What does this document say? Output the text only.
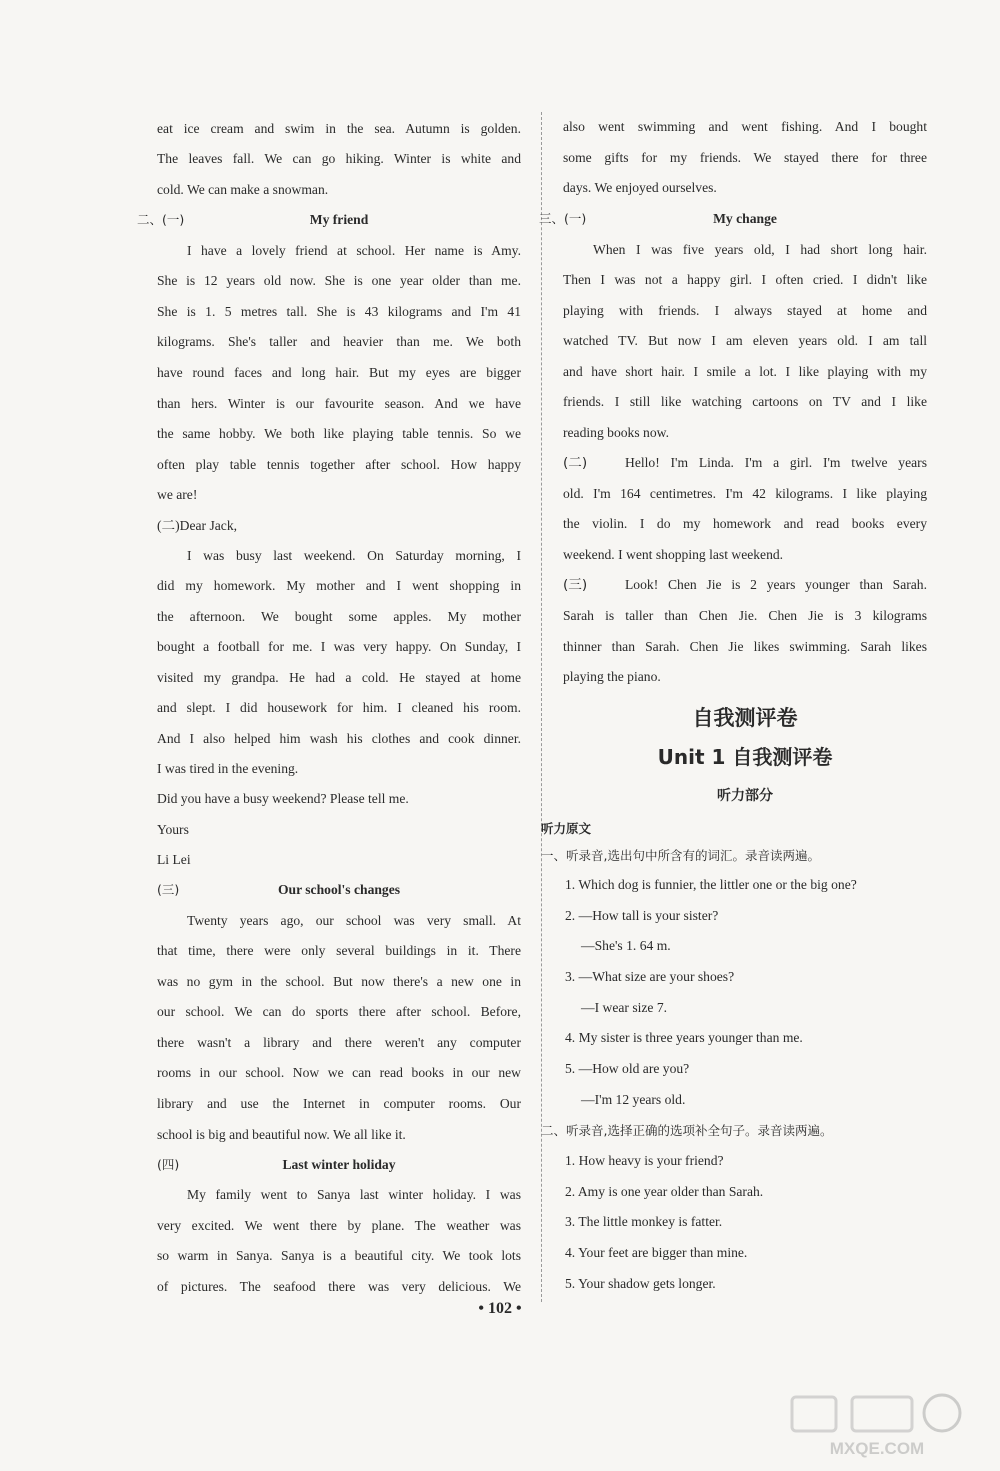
eat ice cream and swim in the sea. Autumn is golden.
The leaves fall. We can go hiking. Winter is white and
cold. We can make a snowman.
二、(一)	My friend
I have a lovely friend at school. Her name is Amy.
She is 12 years old now. She is one year older than me.
She is 1. 5 metres tall. She is 43 kilograms and I'm 41
kilograms. She's taller and heavier than me. We both
have round faces and long hair. But my eyes are bigger
than hers. Winter is our favourite season. And we have
the same hobby. We both like playing table tennis. So we
often play table tennis together after school. How happy
we are!
(二)Dear Jack,
I was busy last weekend. On Saturday morning, I
did my homework. My mother and I went shopping in
the afternoon. We bought some apples. My mother
bought a football for me. I was very happy. On Sunday, I
visited my grandpa. He had a cold. He stayed at home
and slept. I did housework for him. I cleaned his room.
And I also helped him wash his clothes and cook dinner.
I was tired in the evening.
Did you have a busy weekend? Please tell me.
Yours
Li Lei
(三)	Our school's changes
Twenty years ago, our school was very small. At
that time, there were only several buildings in it. There
was no gym in the school. But now there's a new one in
our school. We can do sports there after school. Before,
there wasn't a library and there weren't any computer
rooms in our school. Now we can read books in our new
library and use the Internet in computer rooms. Our
school is big and beautiful now. We all like it.
(四)	Last winter holiday
My family went to Sanya last winter holiday. I was
very excited. We went there by plane. The weather was
so warm in Sanya. Sanya is a beautiful city. We took lots
of pictures. The seafood there was very delicious. We
also went swimming and went fishing. And I bought
some gifts for my friends. We stayed there for three
days. We enjoyed ourselves.
三、(一)	My change
When I was five years old, I had short long hair.
Then I was not a happy girl. I often cried. I didn't like
playing with friends. I always stayed at home and
watched TV. But now I am eleven years old. I am tall
and have short hair. I smile a lot. I like playing with my
friends. I still like watching cartoons on TV and I like
reading books now.
(二)	Hello! I'm Linda. I'm a girl. I'm twelve years
old. I'm 164 centimetres. I'm 42 kilograms. I like playing
the violin. I do my homework and read books every
weekend. I went shopping last weekend.
(三)	Look! Chen Jie is 2 years younger than Sarah.
Sarah is taller than Chen Jie. Chen Jie is 3 kilograms
thinner than Sarah. Chen Jie likes swimming. Sarah likes
playing the piano.
自我测评卷
Unit 1 自我测评卷
听力部分
听力原文
一、听录音,选出句中所含有的词汇。录音读两遍。
1. Which dog is funnier, the littler one or the big one?
2. —How tall is your sister?
—She's 1. 64 m.
3. —What size are your shoes?
—I wear size 7.
4. My sister is three years younger than me.
5. —How old are you?
—I'm 12 years old.
二、听录音,选择正确的选项补全句子。录音读两遍。
1. How heavy is your friend?
2. Amy is one year older than Sarah.
3. The little monkey is fatter.
4. Your feet are bigger than mine.
5. Your shadow gets longer.
• 102 •
MXQE.COM
